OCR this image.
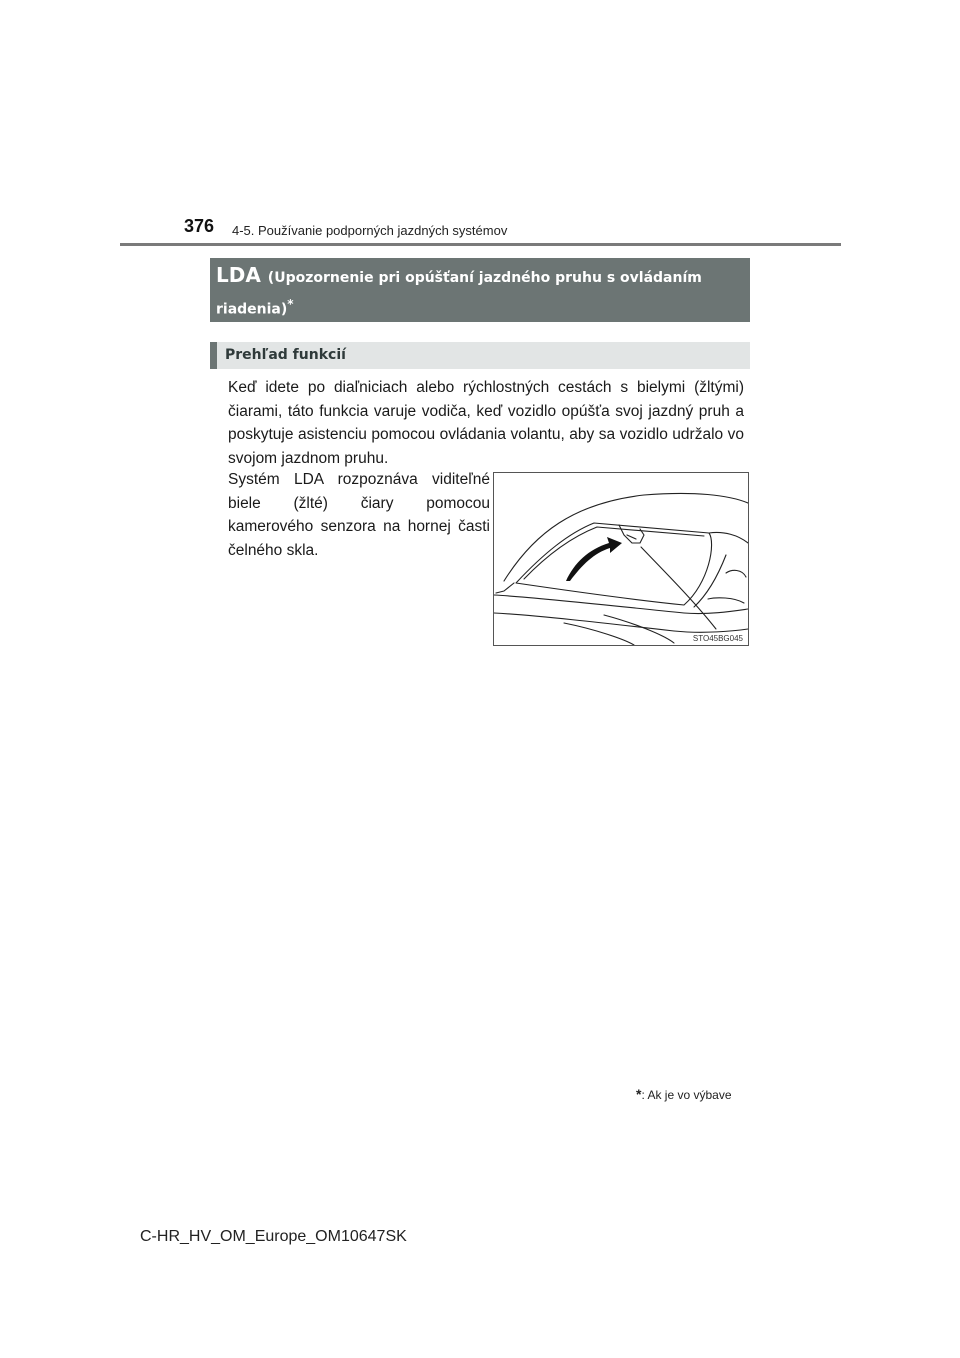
376 4-5. Používanie podporných jazdných systémov
LDA (Upozornenie pri opúšťaní jazdného pruhu s ovládaním
riadenia)*
Prehľad funkcií

Keď idete po diaľniciach alebo rýchlostných cestách s bielymi (žltými) čiarami, táto funkcia varuje vodiča, keď vozidlo opúšťa svoj jazdný pruh a poskytuje asistenciu pomocou ovládania volantu, aby sa vozidlo udržalo vo svojom jazdnom pruhu.

Systém LDA rozpoznáva viditeľné biele (žlté) čiary pomocou kamerového senzora na hornej časti čelného skla.

STO45BG045
*: Ak je vo výbave
C-HR_HV_OM_Europe_OM10647SK
